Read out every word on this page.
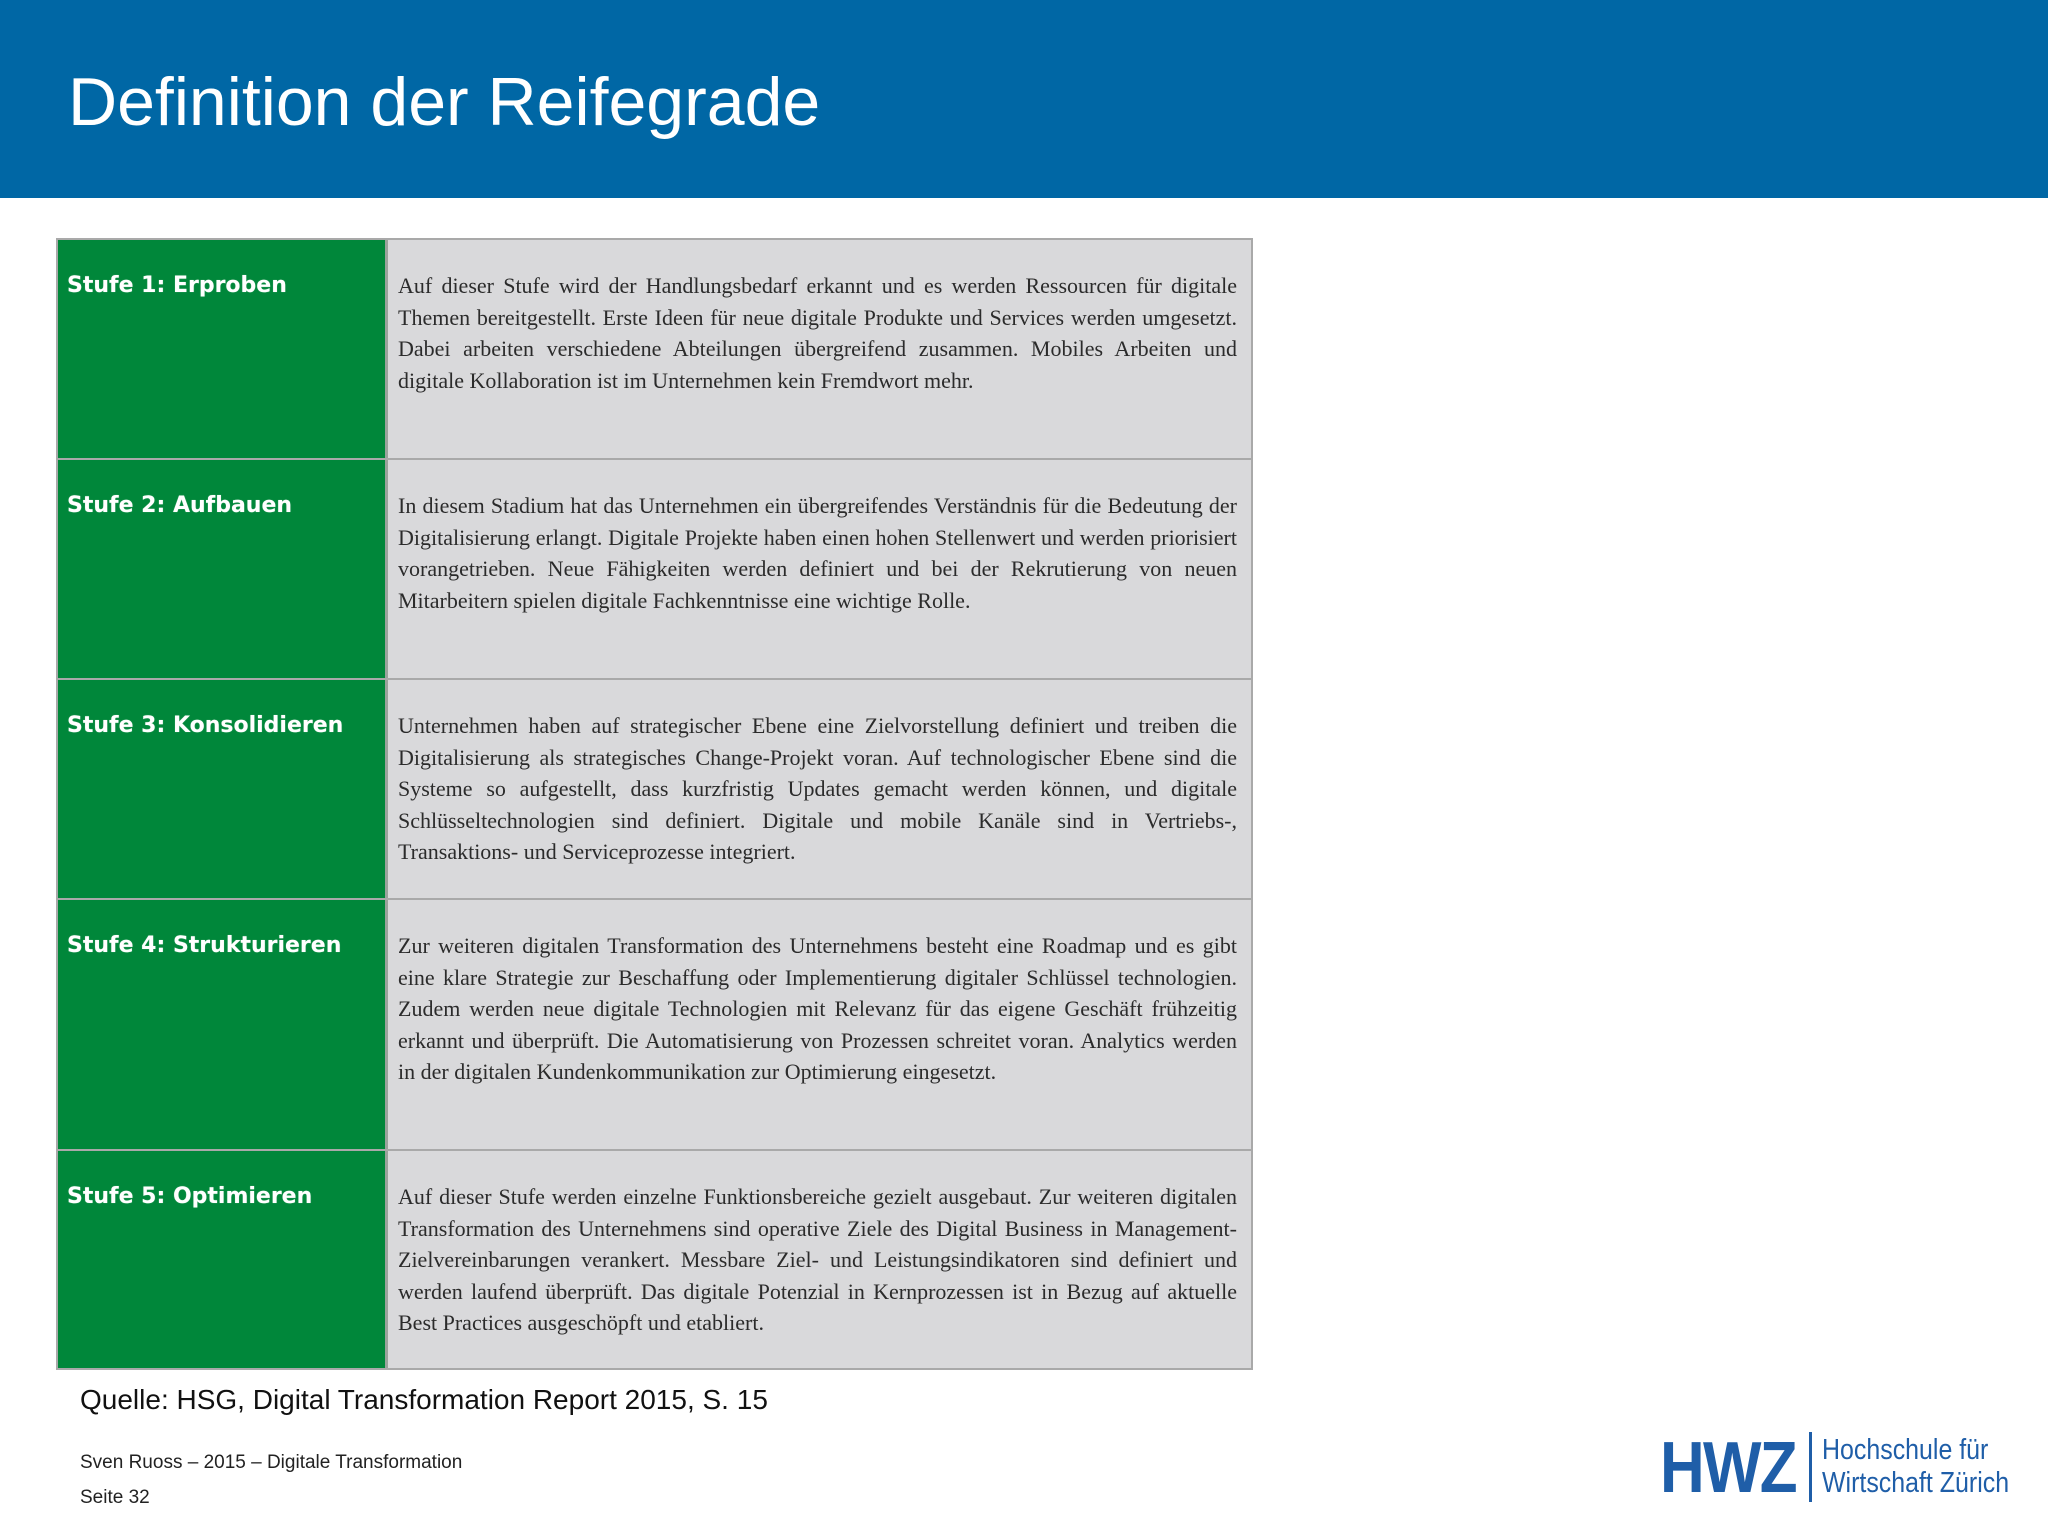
Definition der Reifegrade
Stufe 1: Erproben	Auf dieser Stufe wird der Handlungsbedarf erkannt und es werden Ressourcen für digitale Themen bereitgestellt. Erste Ideen für neue digitale Produkte und Services werden umgesetzt. Dabei arbeiten verschiedene Abteilungen übergreifend zusammen. Mobiles Arbeiten und digitale Kollaboration ist im Unternehmen kein Fremdwort mehr.

Stufe 2: Aufbauen	In diesem Stadium hat das Unternehmen ein übergreifendes Verständnis für die Bedeutung der Digitalisierung erlangt. Digitale Projekte haben einen hohen Stellenwert und werden priorisiert vorangetrieben. Neue Fähigkeiten werden definiert und bei der Rekrutierung von neuen Mitarbeitern spielen digitale Fachkenntnisse eine wichtige Rolle.

Stufe 3: Konsolidieren	Unternehmen haben auf strategischer Ebene eine Zielvorstellung definiert und treiben die Digitalisierung als strategisches Change-Projekt voran. Auf technologischer Ebene sind die Systeme so aufgestellt, dass kurzfristig Updates gemacht werden können, und digitale Schlüsseltechnologien sind definiert. Digitale und mobile Kanäle sind in Vertriebs-, Transaktions- und Serviceprozesse integriert.

Stufe 4: Strukturieren	Zur weiteren digitalen Transformation des Unternehmens besteht eine Roadmap und es gibt eine klare Strategie zur Beschaffung oder Implementierung digitaler Schlüssel technologien. Zudem werden neue digitale Technologien mit Relevanz für das eigene Geschäft frühzeitig erkannt und überprüft. Die Automatisierung von Prozessen schreitet voran. Analytics werden in der digitalen Kundenkommunikation zur Optimierung eingesetzt.

Stufe 5: Optimieren	Auf dieser Stufe werden einzelne Funktionsbereiche gezielt ausgebaut. Zur weiteren digitalen Transformation des Unternehmens sind operative Ziele des Digital Business in Management-Zielvereinbarungen verankert. Messbare Ziel- und Leistungsindikatoren sind definiert und werden laufend überprüft. Das digitale Potenzial in Kernprozessen ist in Bezug auf aktuelle Best Practices ausgeschöpft und etabliert.

Quelle: HSG, Digital Transformation Report 2015, S. 15
Sven Ruoss – 2015 – Digitale Transformation
Seite 32	HWZ Hochschule für
Wirtschaft Zürich
